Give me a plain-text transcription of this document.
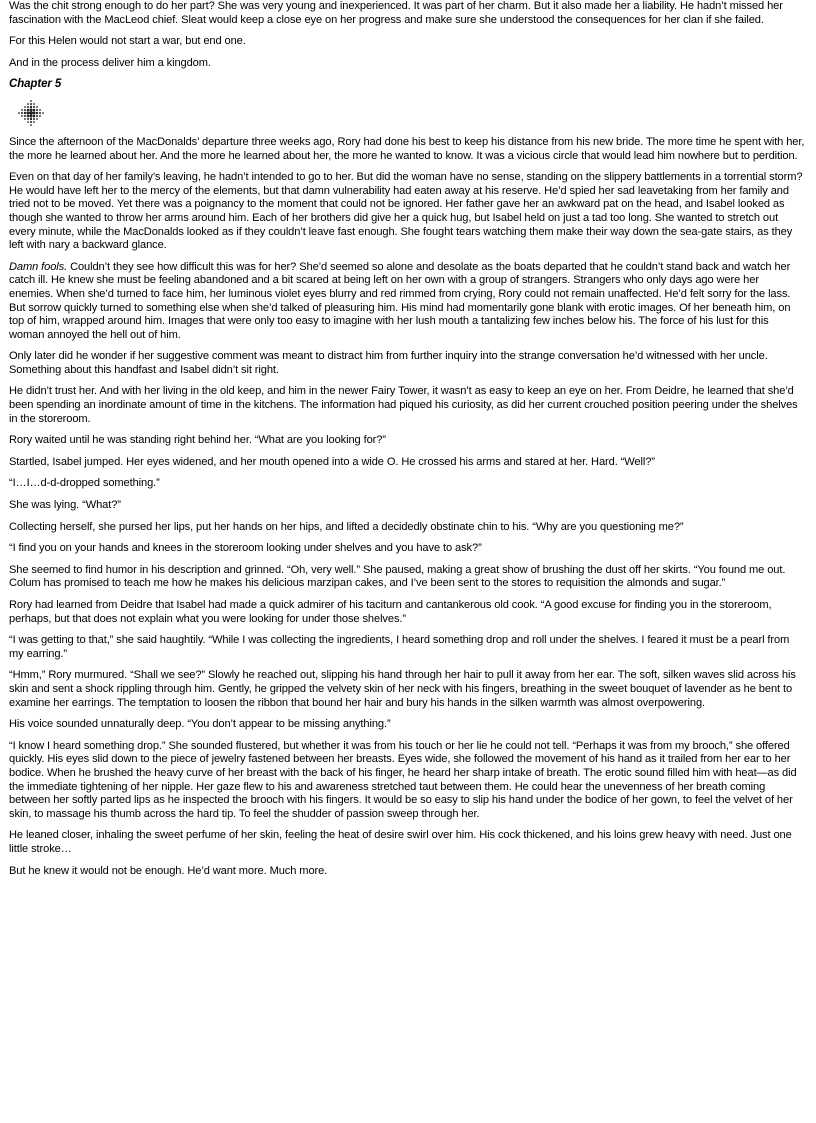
Was the chit strong enough to do her part? She was very young and inexperienced. It was part of her charm. But it also made her a liability. He hadn’t missed her fascination with the MacLeod chief. Sleat would keep a close eye on her progress and make sure she understood the consequences for her clan if she failed.

For this Helen would not start a war, but end one.

And in the process deliver him a kingdom.

Chapter 5

Since the afternoon of the MacDonalds’ departure three weeks ago, Rory had done his best to keep his distance from his new bride. The more time he spent with her, the more he learned about her. And the more he learned about her, the more he wanted to know. It was a vicious circle that would lead him nowhere but to perdition.

Even on that day of her family’s leaving, he hadn’t intended to go to her. But did the woman have no sense, standing on the slippery battlements in a torrential storm? He would have left her to the mercy of the elements, but that damn vulnerability had eaten away at his reserve. He’d spied her sad leavetaking from her family and tried not to be moved. Yet there was a poignancy to the moment that could not be ignored. Her father gave her an awkward pat on the head, and Isabel looked as though she wanted to throw her arms around him. Each of her brothers did give her a quick hug, but Isabel held on just a tad too long. She wanted to stretch out every minute, while the MacDonalds looked as if they couldn’t leave fast enough. She fought tears watching them make their way down the sea-gate stairs, as they left with nary a backward glance.

Damn fools. Couldn’t they see how difficult this was for her? She’d seemed so alone and desolate as the boats departed that he couldn’t stand back and watch her catch ill. He knew she must be feeling abandoned and a bit scared at being left on her own with a group of strangers. Strangers who only days ago were her enemies. When she’d turned to face him, her luminous violet eyes blurry and red rimmed from crying, Rory could not remain unaffected. He’d felt sorry for the lass. But sorrow quickly turned to something else when she’d talked of pleasuring him. His mind had momentarily gone blank with erotic images. Of her beneath him, on top of him, wrapped around him. Images that were only too easy to imagine with her lush mouth a tantalizing few inches below his. The force of his lust for this woman annoyed the hell out of him.

Only later did he wonder if her suggestive comment was meant to distract him from further inquiry into the strange conversation he’d witnessed with her uncle. Something about this handfast and Isabel didn’t sit right.

He didn’t trust her. And with her living in the old keep, and him in the newer Fairy Tower, it wasn’t as easy to keep an eye on her. From Deidre, he learned that she’d been spending an inordinate amount of time in the kitchens. The information had piqued his curiosity, as did her current crouched position peering under the shelves in the storeroom.

Rory waited until he was standing right behind her. “What are you looking for?”

Startled, Isabel jumped. Her eyes widened, and her mouth opened into a wide O. He crossed his arms and stared at her. Hard. “Well?”

“I…I…d-d-dropped something.”

She was lying. “What?”

Collecting herself, she pursed her lips, put her hands on her hips, and lifted a decidedly obstinate chin to his. “Why are you questioning me?”

“I find you on your hands and knees in the storeroom looking under shelves and you have to ask?”

She seemed to find humor in his description and grinned. “Oh, very well.” She paused, making a great show of brushing the dust off her skirts. “You found me out. Colum has promised to teach me how he makes his delicious marzipan cakes, and I’ve been sent to the stores to requisition the almonds and sugar.”

Rory had learned from Deidre that Isabel had made a quick admirer of his taciturn and cantankerous old cook. “A good excuse for finding you in the storeroom, perhaps, but that does not explain what you were looking for under those shelves.”

“I was getting to that,” she said haughtily. “While I was collecting the ingredients, I heard something drop and roll under the shelves. I feared it must be a pearl from my earring.”

“Hmm,” Rory murmured. “Shall we see?” Slowly he reached out, slipping his hand through her hair to pull it away from her ear. The soft, silken waves slid across his skin and sent a shock rippling through him. Gently, he gripped the velvety skin of her neck with his fingers, breathing in the sweet bouquet of lavender as he bent to examine her earrings. The temptation to loosen the ribbon that bound her hair and bury his hands in the silken warmth was almost overpowering.

His voice sounded unnaturally deep. “You don’t appear to be missing anything.”

“I know I heard something drop.” She sounded flustered, but whether it was from his touch or her lie he could not tell. “Perhaps it was from my brooch,” she offered quickly. His eyes slid down to the piece of jewelry fastened between her breasts. Eyes wide, she followed the movement of his hand as it trailed from her ear to her bodice. When he brushed the heavy curve of her breast with the back of his finger, he heard her sharp intake of breath. The erotic sound filled him with heat—as did the immediate tightening of her nipple. Her gaze flew to his and awareness stretched taut between them. He could hear the unevenness of her breath coming between her softly parted lips as he inspected the brooch with his fingers. It would be so easy to slip his hand under the bodice of her gown, to feel the velvet of her skin, to massage his thumb across the hard tip. To feel the shudder of passion sweep through her.

He leaned closer, inhaling the sweet perfume of her skin, feeling the heat of desire swirl over him. His cock thickened, and his loins grew heavy with need. Just one little stroke…

But he knew it would not be enough. He’d want more. Much more.
